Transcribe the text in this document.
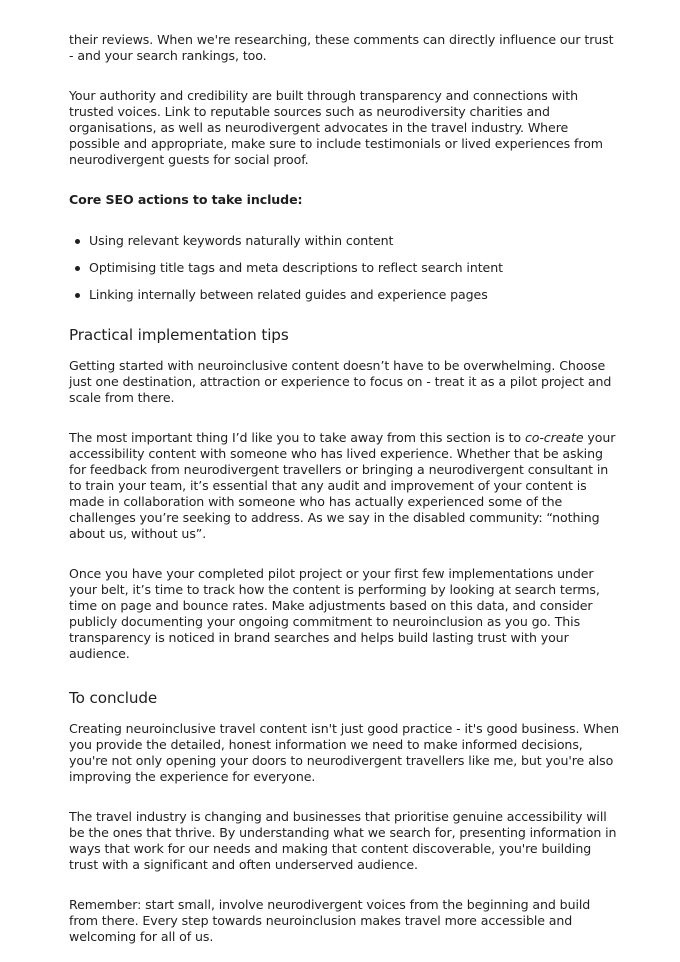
their reviews. When we're researching, these comments can directly influence our trust - and your search rankings, too.

Your authority and credibility are built through transparency and connections with trusted voices. Link to reputable sources such as neurodiversity charities and organisations, as well as neurodivergent advocates in the travel industry. Where possible and appropriate, make sure to include testimonials or lived experiences from neurodivergent guests for social proof.

Core SEO actions to take include:

Using relevant keywords naturally within content
Optimising title tags and meta descriptions to reflect search intent
Linking internally between related guides and experience pages
Practical implementation tips

Getting started with neuroinclusive content doesn’t have to be overwhelming. Choose just one destination, attraction or experience to focus on - treat it as a pilot project and scale from there.

The most important thing I’d like you to take away from this section is to co-create your accessibility content with someone who has lived experience. Whether that be asking for feedback from neurodivergent travellers or bringing a neurodivergent consultant in to train your team, it’s essential that any audit and improvement of your content is made in collaboration with someone who has actually experienced some of the challenges you’re seeking to address. As we say in the disabled community: “nothing about us, without us”.

Once you have your completed pilot project or your first few implementations under your belt, it’s time to track how the content is performing by looking at search terms, time on page and bounce rates. Make adjustments based on this data, and consider publicly documenting your ongoing commitment to neuroinclusion as you go. This transparency is noticed in brand searches and helps build lasting trust with your audience.

To conclude

Creating neuroinclusive travel content isn't just good practice - it's good business. When you provide the detailed, honest information we need to make informed decisions, you're not only opening your doors to neurodivergent travellers like me, but you're also improving the experience for everyone.

The travel industry is changing and businesses that prioritise genuine accessibility will be the ones that thrive. By understanding what we search for, presenting information in ways that work for our needs and making that content discoverable, you're building trust with a significant and often underserved audience.

Remember: start small, involve neurodivergent voices from the beginning and build from there. Every step towards neuroinclusion makes travel more accessible and welcoming for all of us.
